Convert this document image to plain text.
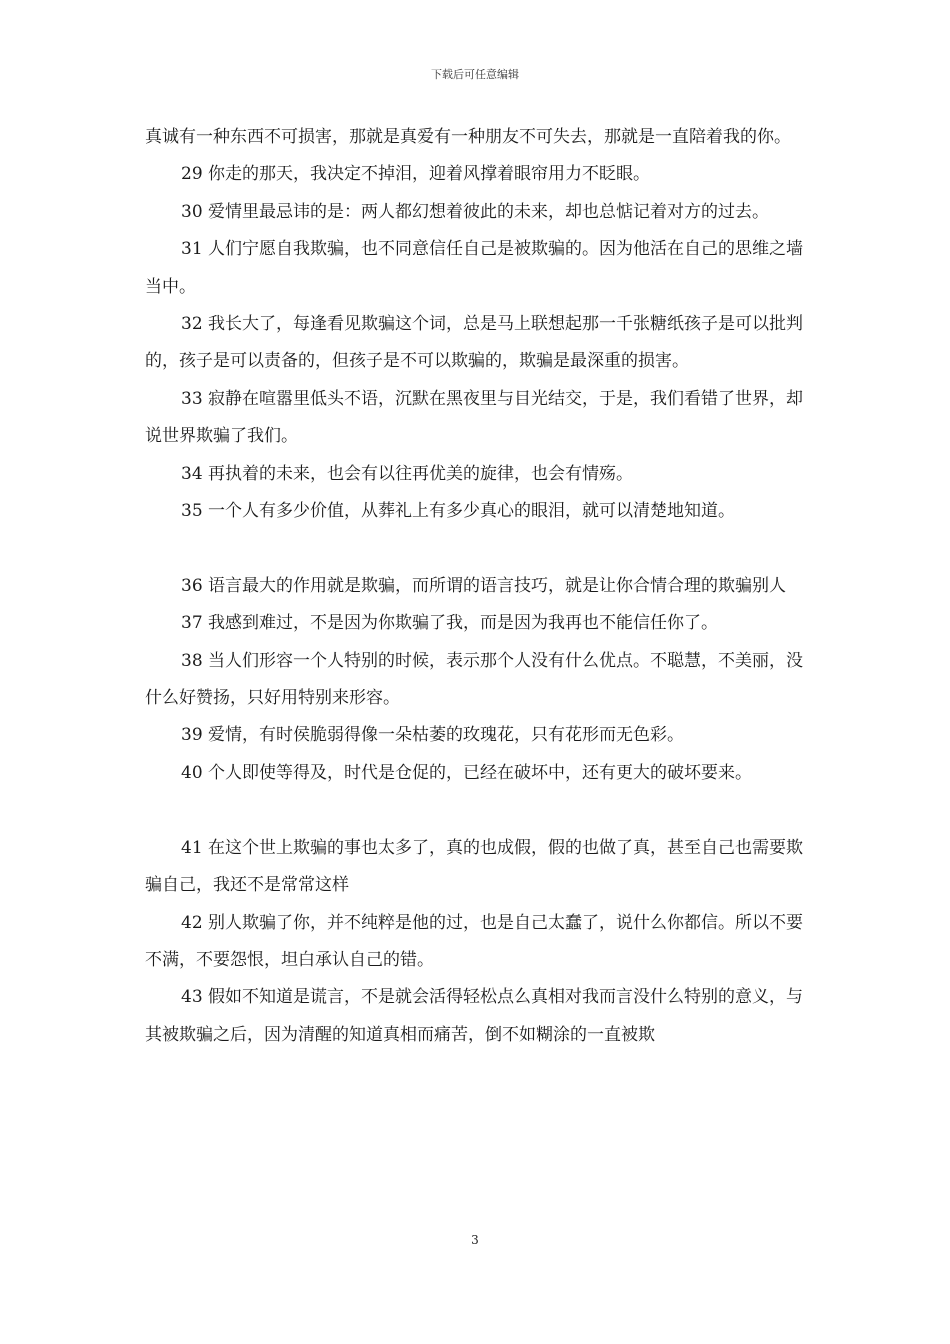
下载后可任意编辑

真诚有一种东西不可损害，那就是真爱有一种朋友不可失去，那就是一直陪着我的你。

29 你走的那天，我决定不掉泪，迎着风撑着眼帘用力不眨眼。

30 爱情里最忌讳的是：两人都幻想着彼此的未来，却也总惦记着对方的过去。

31 人们宁愿自我欺骗，也不同意信任自己是被欺骗的。因为他活在自己的思维之墙当中。

32 我长大了，每逢看见欺骗这个词，总是马上联想起那一千张糖纸孩子是可以批判的，孩子是可以责备的，但孩子是不可以欺骗的，欺骗是最深重的损害。

33 寂静在喧嚣里低头不语，沉默在黑夜里与目光结交，于是，我们看错了世界，却说世界欺骗了我们。

34 再执着的未来，也会有以往再优美的旋律，也会有情殇。

35 一个人有多少价值，从葬礼上有多少真心的眼泪，就可以清楚地知道。

36 语言最大的作用就是欺骗，而所谓的语言技巧，就是让你合情合理的欺骗别人

37 我感到难过，不是因为你欺骗了我，而是因为我再也不能信任你了。

38 当人们形容一个人特别的时候，表示那个人没有什么优点。不聪慧，不美丽，没什么好赞扬，只好用特别来形容。

39 爱情，有时侯脆弱得像一朵枯萎的玫瑰花，只有花形而无色彩。

40 个人即使等得及，时代是仓促的，已经在破坏中，还有更大的破坏要来。

41 在这个世上欺骗的事也太多了，真的也成假，假的也做了真，甚至自己也需要欺骗自己，我还不是常常这样

42 别人欺骗了你，并不纯粹是他的过，也是自己太蠢了，说什么你都信。所以不要不满，不要怨恨，坦白承认自己的错。

43 假如不知道是谎言，不是就会活得轻松点么真相对我而言没什么特别的意义，与其被欺骗之后，因为清醒的知道真相而痛苦，倒不如糊涂的一直被欺

3
